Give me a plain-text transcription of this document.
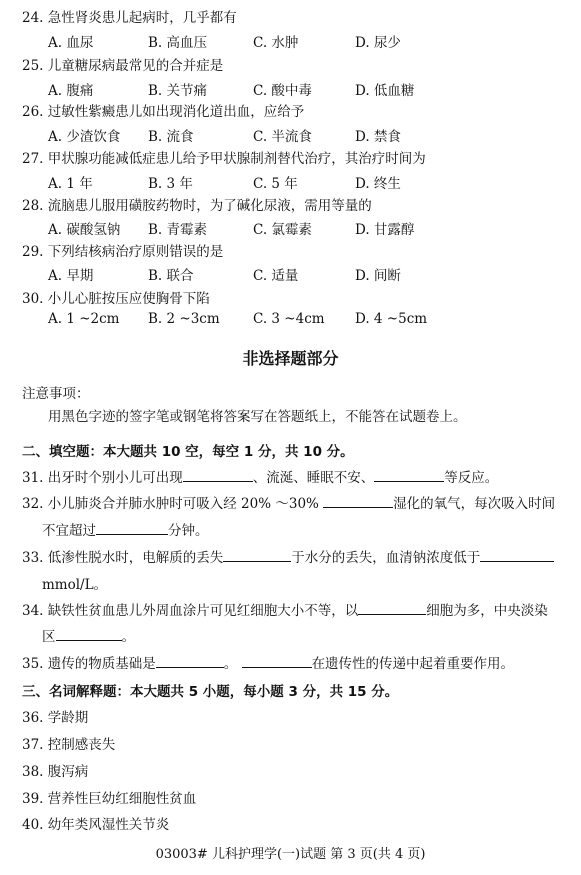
24. 急性肾炎患儿起病时，几乎都有
A. 血尿	B. 高血压	C. 水肿	D. 尿少
25. 儿童糖尿病最常见的合并症是
A. 腹痛	B. 关节痛	C. 酸中毒	D. 低血糖
26. 过敏性紫癜患儿如出现消化道出血，应给予
A. 少渣饮食 B. 流食	C. 半流食	D. 禁食
27. 甲状腺功能减低症患儿给予甲状腺制剂替代治疗，其治疗时间为
A. 1 年	B. 3 年	C. 5 年	D. 终生
28. 流脑患儿服用磺胺药物时，为了碱化尿液，需用等量的
A. 碳酸氢钠 B. 青霉素	C. 氯霉素	D. 甘露醇
29. 下列结核病治疗原则错误的是
A. 早期	B. 联合	C. 适量	D. 间断
30. 小儿心脏按压应使胸骨下陷
A. 1 ~2cm B. 2 ~3cm C. 3 ~4cm D. 4 ~5cm
非选择题部分
注意事项：
用黑色字迹的签字笔或钢笔将答案写在答题纸上，不能答在试题卷上。
二、填空题：本大题共 10 空，每空 1 分，共 10 分。
31. 出牙时个别小儿可出现	、流涎、睡眠不安、	等反应。
32. 小儿肺炎合并肺水肿时可吸入经 20% ～30%	湿化的氧气，每次吸入时间
不宜超过	分钟。
33. 低渗性脱水时，电解质的丢失	于水分的丢失，血清钠浓度低于
mmol/L。
34. 缺铁性贫血患儿外周血涂片可见红细胞大小不等，以	细胞为多，中央淡染
区	。
35. 遗传的物质基础是	。	在遗传性的传递中起着重要作用。
三、名词解释题：本大题共 5 小题，每小题 3 分，共 15 分。
36. 学龄期
37. 控制感丧失
38. 腹泻病
39. 营养性巨幼红细胞性贫血
40. 幼年类风湿性关节炎
03003# 儿科护理学(一)试题 第 3 页(共 4 页)
